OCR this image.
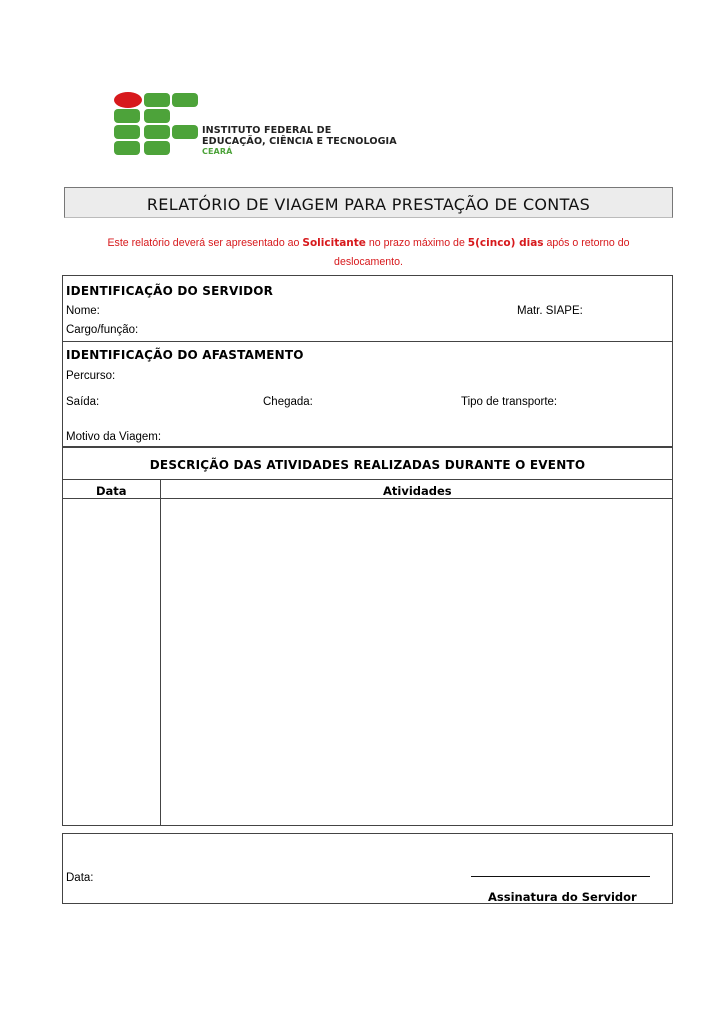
INSTITUTO FEDERAL DE
EDUCAÇÃO, CIÊNCIA E TECNOLOGIA
CEARÁ
RELATÓRIO DE VIAGEM PARA PRESTAÇÃO DE CONTAS
Este relatório deverá ser apresentado ao Solicitante no prazo máximo de 5(cinco) dias após o retorno do
deslocamento.
IDENTIFICAÇÃO DO SERVIDOR
Nome:	Matr. SIAPE:
Cargo/função:
IDENTIFICAÇÃO DO AFASTAMENTO
Percurso:
Saída:	Chegada:	Tipo de transporte:
Motivo da Viagem:
DESCRIÇÃO DAS ATIVIDADES REALIZADAS DURANTE O EVENTO
Data	Atividades
Data:
Assinatura do Servidor
